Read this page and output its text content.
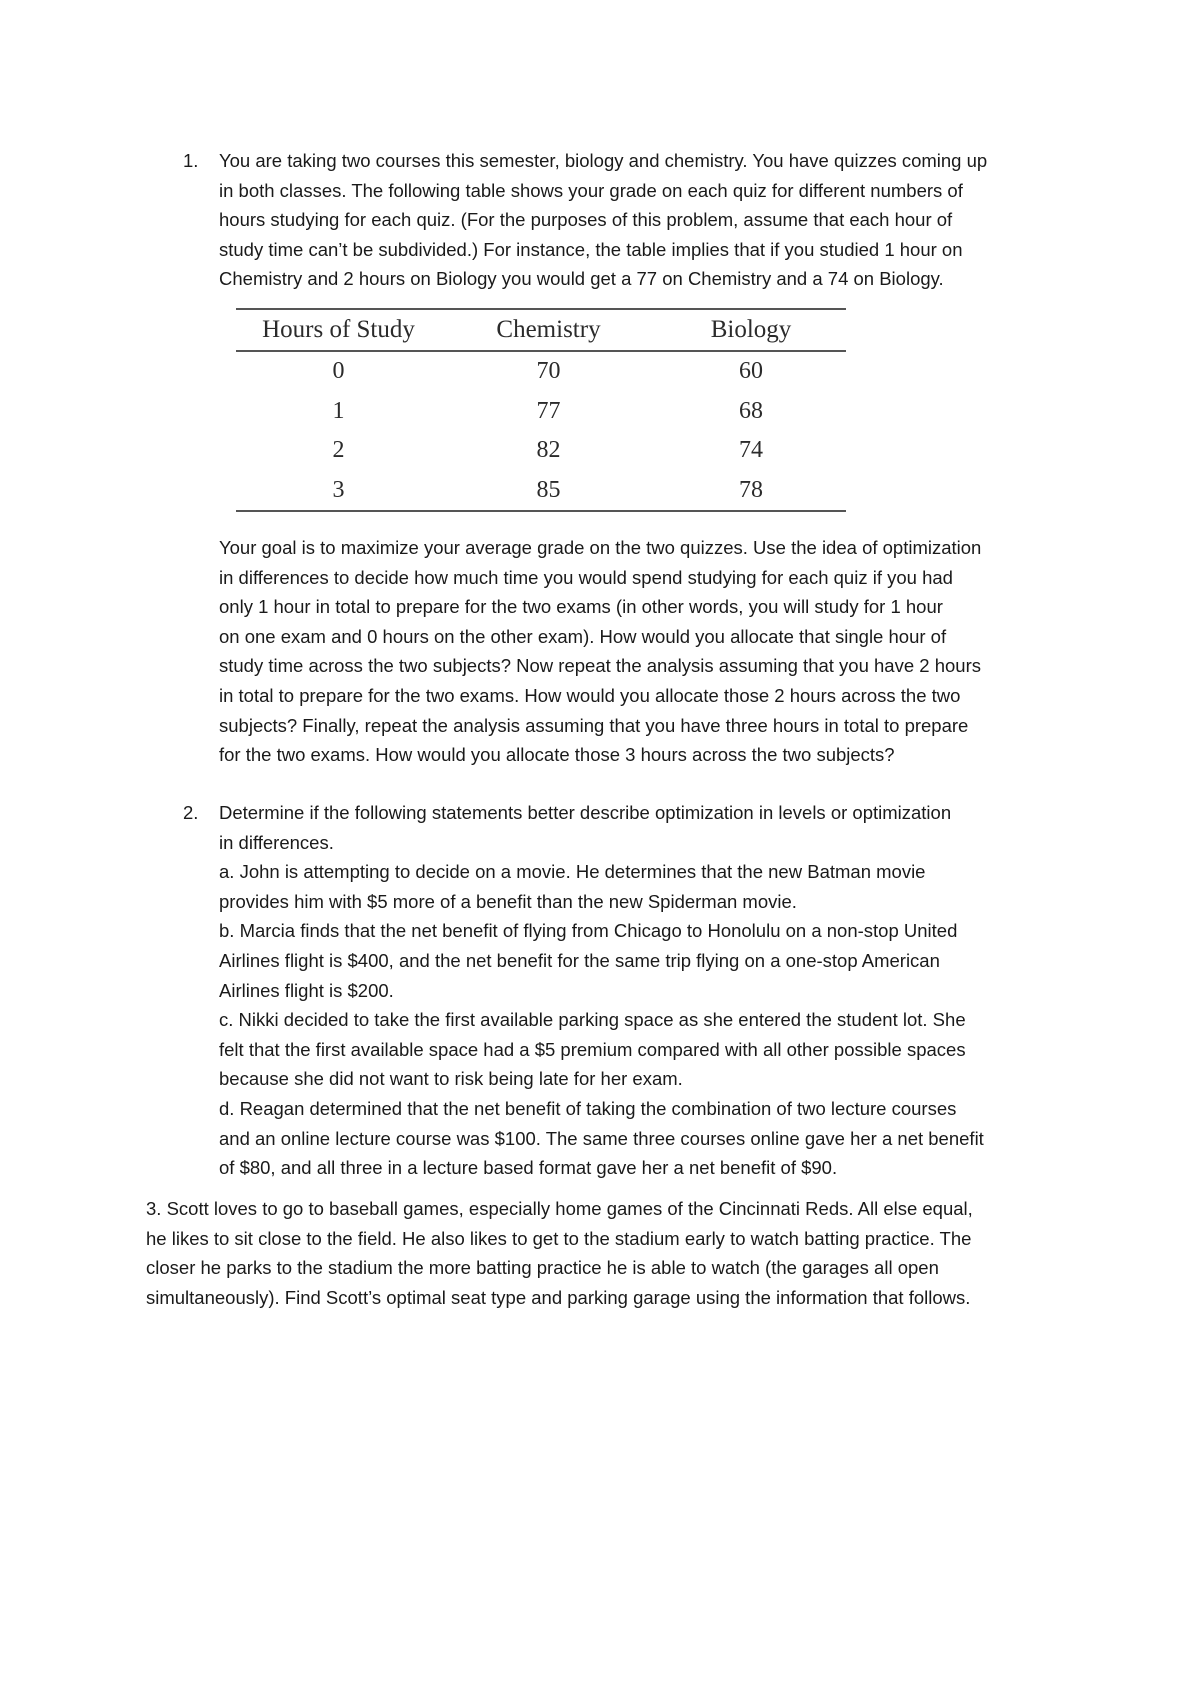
1. You are taking two courses this semester, biology and chemistry. You have quizzes coming up
in both classes. The following table shows your grade on each quiz for different numbers of
hours studying for each quiz. (For the purposes of this problem, assume that each hour of
study time can’t be subdivided.) For instance, the table implies that if you studied 1 hour on
Chemistry and 2 hours on Biology you would get a 77 on Chemistry and a 74 on Biology.
Hours of Study	Chemistry	Biology
0	70	60
1	77	68
2	82	74
3	85	78
Your goal is to maximize your average grade on the two quizzes. Use the idea of optimization
in differences to decide how much time you would spend studying for each quiz if you had
only 1 hour in total to prepare for the two exams (in other words, you will study for 1 hour
on one exam and 0 hours on the other exam). How would you allocate that single hour of
study time across the two subjects? Now repeat the analysis assuming that you have 2 hours
in total to prepare for the two exams. How would you allocate those 2 hours across the two
subjects? Finally, repeat the analysis assuming that you have three hours in total to prepare
for the two exams. How would you allocate those 3 hours across the two subjects?
2. Determine if the following statements better describe optimization in levels or optimization
in differences.
a. John is attempting to decide on a movie. He determines that the new Batman movie
provides him with $5 more of a benefit than the new Spiderman movie.
b. Marcia finds that the net benefit of flying from Chicago to Honolulu on a non-stop United
Airlines flight is $400, and the net benefit for the same trip flying on a one-stop American
Airlines flight is $200.
c. Nikki decided to take the first available parking space as she entered the student lot. She
felt that the first available space had a $5 premium compared with all other possible spaces
because she did not want to risk being late for her exam.
d. Reagan determined that the net benefit of taking the combination of two lecture courses
and an online lecture course was $100. The same three courses online gave her a net benefit
of $80, and all three in a lecture based format gave her a net benefit of $90.
3. Scott loves to go to baseball games, especially home games of the Cincinnati Reds. All else equal,
he likes to sit close to the field. He also likes to get to the stadium early to watch batting practice. The
closer he parks to the stadium the more batting practice he is able to watch (the garages all open
simultaneously). Find Scott’s optimal seat type and parking garage using the information that follows.
